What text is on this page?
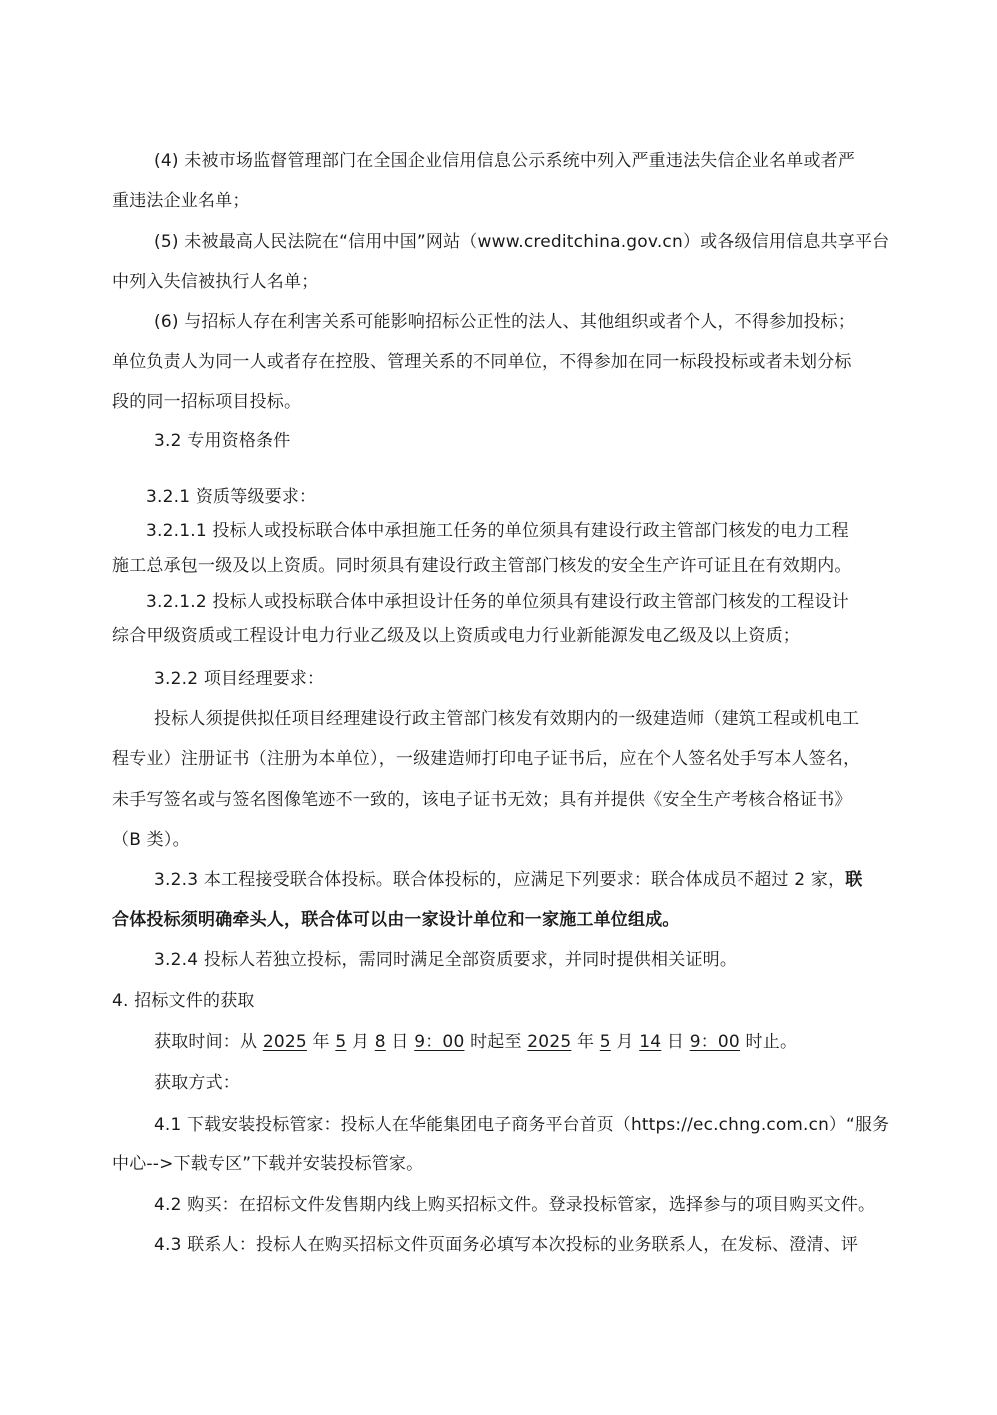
(4) 未被市场监督管理部门在全国企业信用信息公示系统中列入严重违法失信企业名单或者严
重违法企业名单；
(5) 未被最高人民法院在“信用中国”网站（www.creditchina.gov.cn）或各级信用信息共享平台
中列入失信被执行人名单；
(6) 与招标人存在利害关系可能影响招标公正性的法人、其他组织或者个人，不得参加投标；
单位负责人为同一人或者存在控股、管理关系的不同单位，不得参加在同一标段投标或者未划分标
段的同一招标项目投标。
3.2 专用资格条件
3.2.1 资质等级要求：
3.2.1.1 投标人或投标联合体中承担施工任务的单位须具有建设行政主管部门核发的电力工程
施工总承包一级及以上资质。同时须具有建设行政主管部门核发的安全生产许可证且在有效期内。
3.2.1.2 投标人或投标联合体中承担设计任务的单位须具有建设行政主管部门核发的工程设计
综合甲级资质或工程设计电力行业乙级及以上资质或电力行业新能源发电乙级及以上资质；
3.2.2 项目经理要求：
投标人须提供拟任项目经理建设行政主管部门核发有效期内的一级建造师（建筑工程或机电工
程专业）注册证书（注册为本单位），一级建造师打印电子证书后，应在个人签名处手写本人签名，
未手写签名或与签名图像笔迹不一致的，该电子证书无效；具有并提供《安全生产考核合格证书》
（B 类）。
3.2.3 本工程接受联合体投标。联合体投标的，应满足下列要求：联合体成员不超过 2 家，联
合体投标须明确牵头人，联合体可以由一家设计单位和一家施工单位组成。
3.2.4 投标人若独立投标，需同时满足全部资质要求，并同时提供相关证明。
4. 招标文件的获取
获取时间：从 2025 年 5 月 8 日 9：00 时起至 2025 年 5 月 14 日 9：00 时止。
获取方式：
4.1 下载安装投标管家：投标人在华能集团电子商务平台首页（https://ec.chng.com.cn）“服务
中心-->下载专区”下载并安装投标管家。
4.2 购买：在招标文件发售期内线上购买招标文件。登录投标管家，选择参与的项目购买文件。
4.3 联系人：投标人在购买招标文件页面务必填写本次投标的业务联系人，在发标、澄清、评
